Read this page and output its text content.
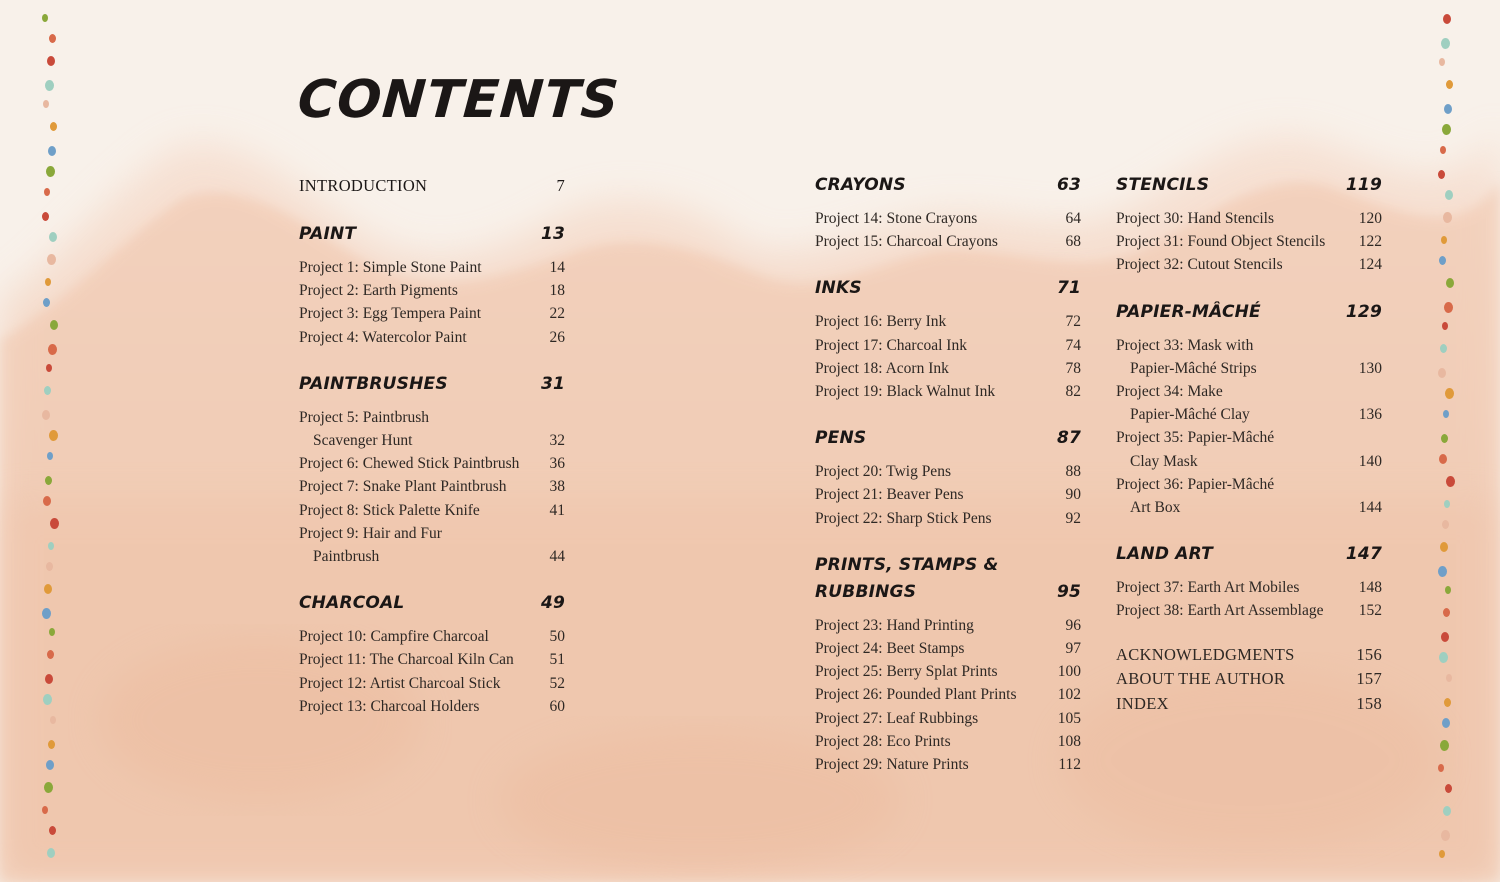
CONTENTS
INTRODUCTION	7
PAINT	13
Project 1: Simple Stone Paint	14
Project 2: Earth Pigments	18
Project 3: Egg Tempera Paint	22
Project 4: Watercolor Paint	26
PAINTBRUSHES	31
Project 5: Paintbrush
Scavenger Hunt	32
Project 6: Chewed Stick Paintbrush	36
Project 7: Snake Plant Paintbrush	38
Project 8: Stick Palette Knife	41
Project 9: Hair and Fur
Paintbrush	44
CHARCOAL	49
Project 10: Campfire Charcoal	50
Project 11: The Charcoal Kiln Can	51
Project 12: Artist Charcoal Stick	52
Project 13: Charcoal Holders	60
CRAYONS	63
Project 14: Stone Crayons	64
Project 15: Charcoal Crayons	68
INKS	71
Project 16: Berry Ink	72
Project 17: Charcoal Ink	74
Project 18: Acorn Ink	78
Project 19: Black Walnut Ink	82
PENS	87
Project 20: Twig Pens	88
Project 21: Beaver Pens	90
Project 22: Sharp Stick Pens	92
PRINTS, STAMPS &
RUBBINGS	95
Project 23: Hand Printing	96
Project 24: Beet Stamps	97
Project 25: Berry Splat Prints	100
Project 26: Pounded Plant Prints	102
Project 27: Leaf Rubbings	105
Project 28: Eco Prints	108
Project 29: Nature Prints	112
STENCILS	119
Project 30: Hand Stencils	120
Project 31: Found Object Stencils	122
Project 32: Cutout Stencils	124
PAPIER-MÂCHÉ	129
Project 33: Mask with
Papier-Mâché Strips	130
Project 34: Make
Papier-Mâché Clay	136
Project 35: Papier-Mâché
Clay Mask	140
Project 36: Papier-Mâché
Art Box	144
LAND ART	147
Project 37: Earth Art Mobiles	148
Project 38: Earth Art Assemblage	152
ACKNOWLEDGMENTS	156
ABOUT THE AUTHOR	157
INDEX	158
